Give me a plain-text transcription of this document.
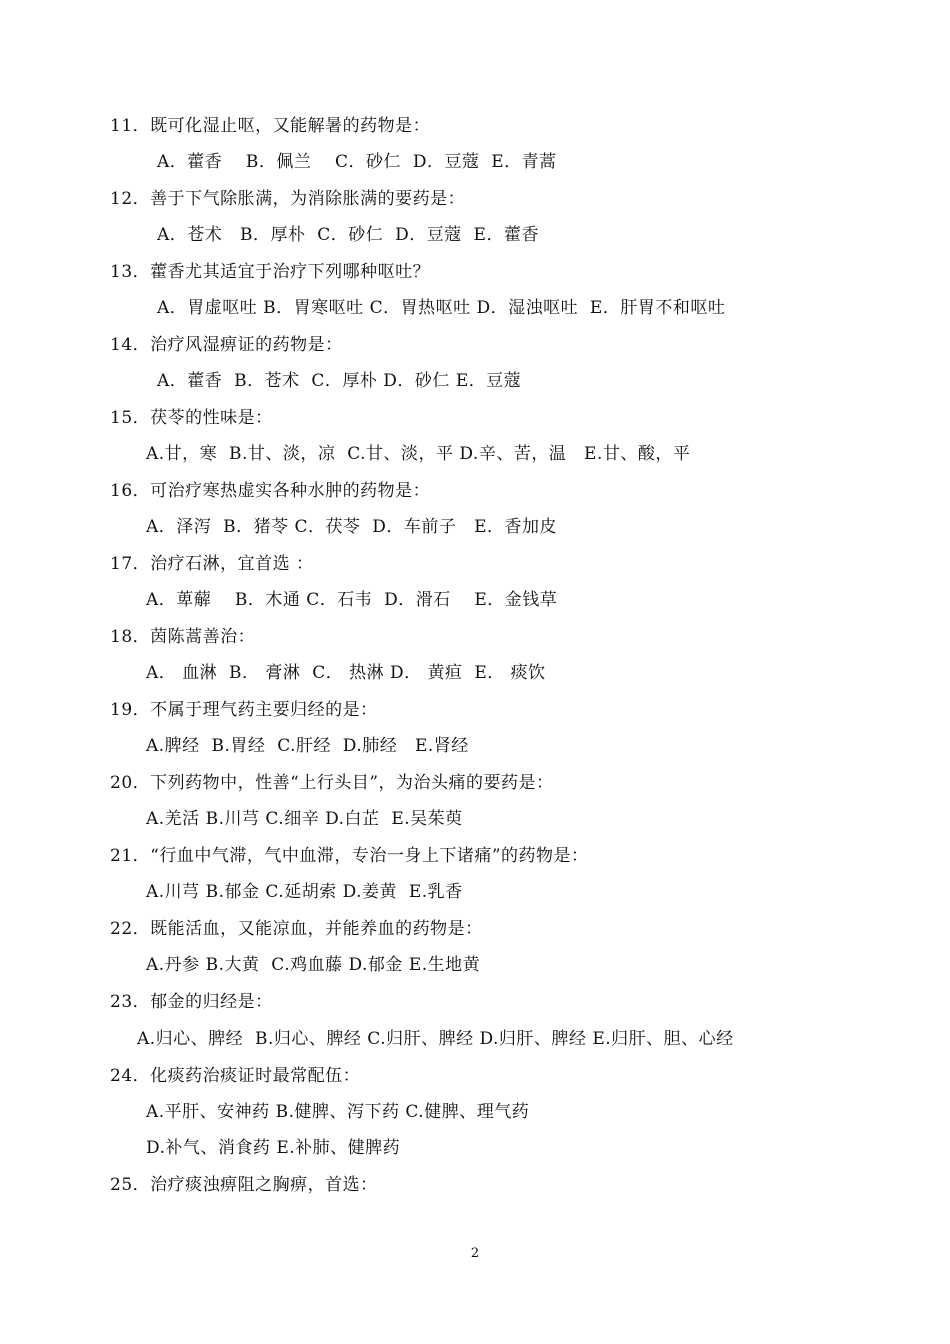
11．既可化湿止呕，又能解暑的药物是：
A．藿香    B．佩兰    C．砂仁  D．豆蔻  E．青蒿
12．善于下气除胀满，为消除胀满的要药是：
A．苍术   B．厚朴  C．砂仁  D．豆蔻  E．藿香
13．藿香尤其适宜于治疗下列哪种呕吐？
A．胃虚呕吐 B．胃寒呕吐 C．胃热呕吐 D．湿浊呕吐  E．肝胃不和呕吐
14．治疗风湿痹证的药物是：
A．藿香  B．苍术  C．厚朴 D．砂仁 E．豆蔻
15．茯苓的性味是：
A.甘，寒  B.甘、淡，凉  C.甘、淡，平 D.辛、苦，温   E.甘、酸，平
16．可治疗寒热虚实各种水肿的药物是：
A．泽泻  B．猪苓 C．茯苓  D．车前子   E．香加皮
17．治疗石淋，宜首选 ：
A．萆薢    B．木通 C．石韦  D．滑石    E．金钱草
18．茵陈蒿善治：
A． 血淋  B． 膏淋  C． 热淋 D． 黄疸  E． 痰饮
19．不属于理气药主要归经的是：
A.脾经  B.胃经  C.肝经  D.肺经   E.肾经
20．下列药物中，性善“上行头目”，为治头痛的要药是：
A.羌活 B.川芎 C.细辛 D.白芷  E.吴茱萸
21．“行血中气滞，气中血滞，专治一身上下诸痛”的药物是：
A.川芎 B.郁金 C.延胡索 D.姜黄  E.乳香
22．既能活血，又能凉血，并能养血的药物是：
A.丹参 B.大黄  C.鸡血藤 D.郁金 E.生地黄
23．郁金的归经是：
A.归心、脾经  B.归心、脾经 C.归肝、脾经 D.归肝、脾经 E.归肝、胆、心经
24．化痰药治痰证时最常配伍：
A.平肝、安神药 B.健脾、泻下药 C.健脾、理气药
D.补气、消食药 E.补肺、健脾药
25．治疗痰浊痹阻之胸痹，首选：
2
